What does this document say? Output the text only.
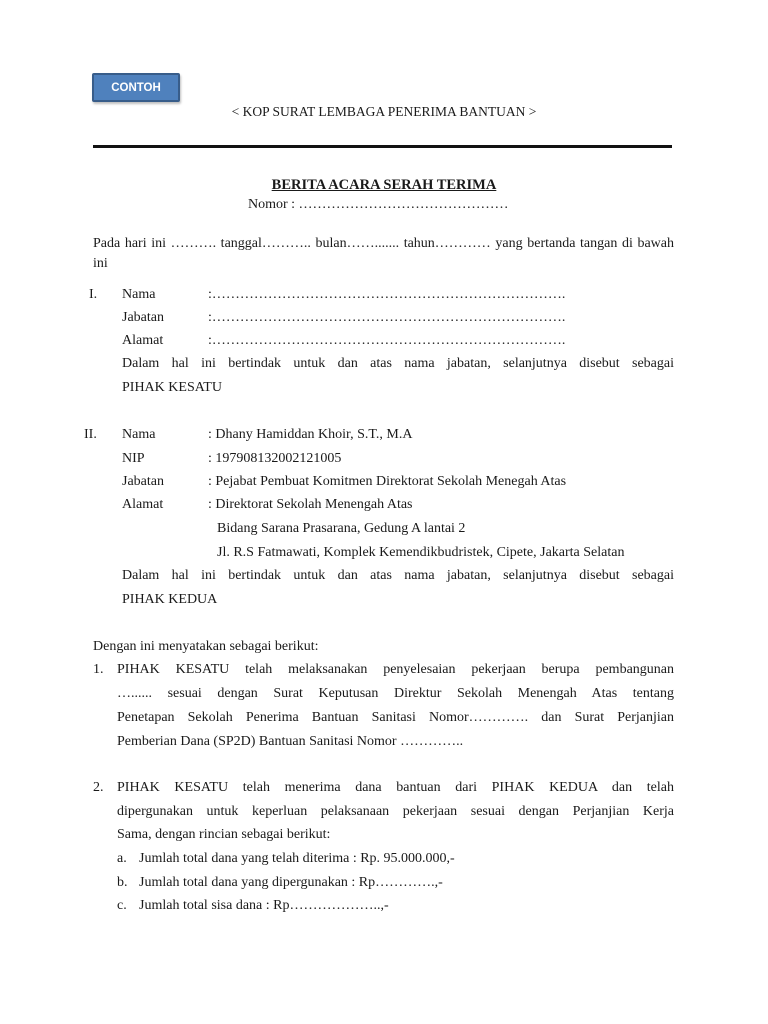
CONTOH
< KOP SURAT LEMBAGA PENERIMA BANTUAN >
BERITA ACARA SERAH TERIMA
Nomor : ………………………………………
Pada hari ini ………. tanggal……….. bulan……....... tahun………… yang bertanda tangan di bawah ini
I. Nama	:………………………………………………………………….
Jabatan	:………………………………………………………………….
Alamat	:………………………………………………………………….
Dalam hal ini bertindak untuk dan atas nama jabatan, selanjutnya disebut sebagai
PIHAK KESATU
II. Nama	: Dhany Hamiddan Khoir, S.T., M.A
NIP	: 197908132002121005
Jabatan	: Pejabat Pembuat Komitmen Direktorat Sekolah Menegah Atas
Alamat	: Direktorat Sekolah Menengah Atas
Bidang Sarana Prasarana, Gedung A lantai 2
Jl. R.S Fatmawati, Komplek Kemendikbudristek, Cipete, Jakarta Selatan
Dalam hal ini bertindak untuk dan atas nama jabatan, selanjutnya disebut sebagai
PIHAK KEDUA
Dengan ini menyatakan sebagai berikut:
1. PIHAK KESATU telah melaksanakan penyelesaian pekerjaan berupa pembangunan
…...... sesuai dengan Surat Keputusan Direktur Sekolah Menengah Atas tentang
Penetapan Sekolah Penerima Bantuan Sanitasi Nomor…………. dan Surat Perjanjian
Pemberian Dana (SP2D) Bantuan Sanitasi Nomor …………..
2. PIHAK KESATU telah menerima dana bantuan dari PIHAK KEDUA dan telah
dipergunakan untuk keperluan pelaksanaan pekerjaan sesuai dengan Perjanjian Kerja
Sama, dengan rincian sebagai berikut:
a. Jumlah total dana yang telah diterima : Rp. 95.000.000,-
b. Jumlah total dana yang dipergunakan : Rp………….,-
c. Jumlah total sisa dana : Rp………………..,-
